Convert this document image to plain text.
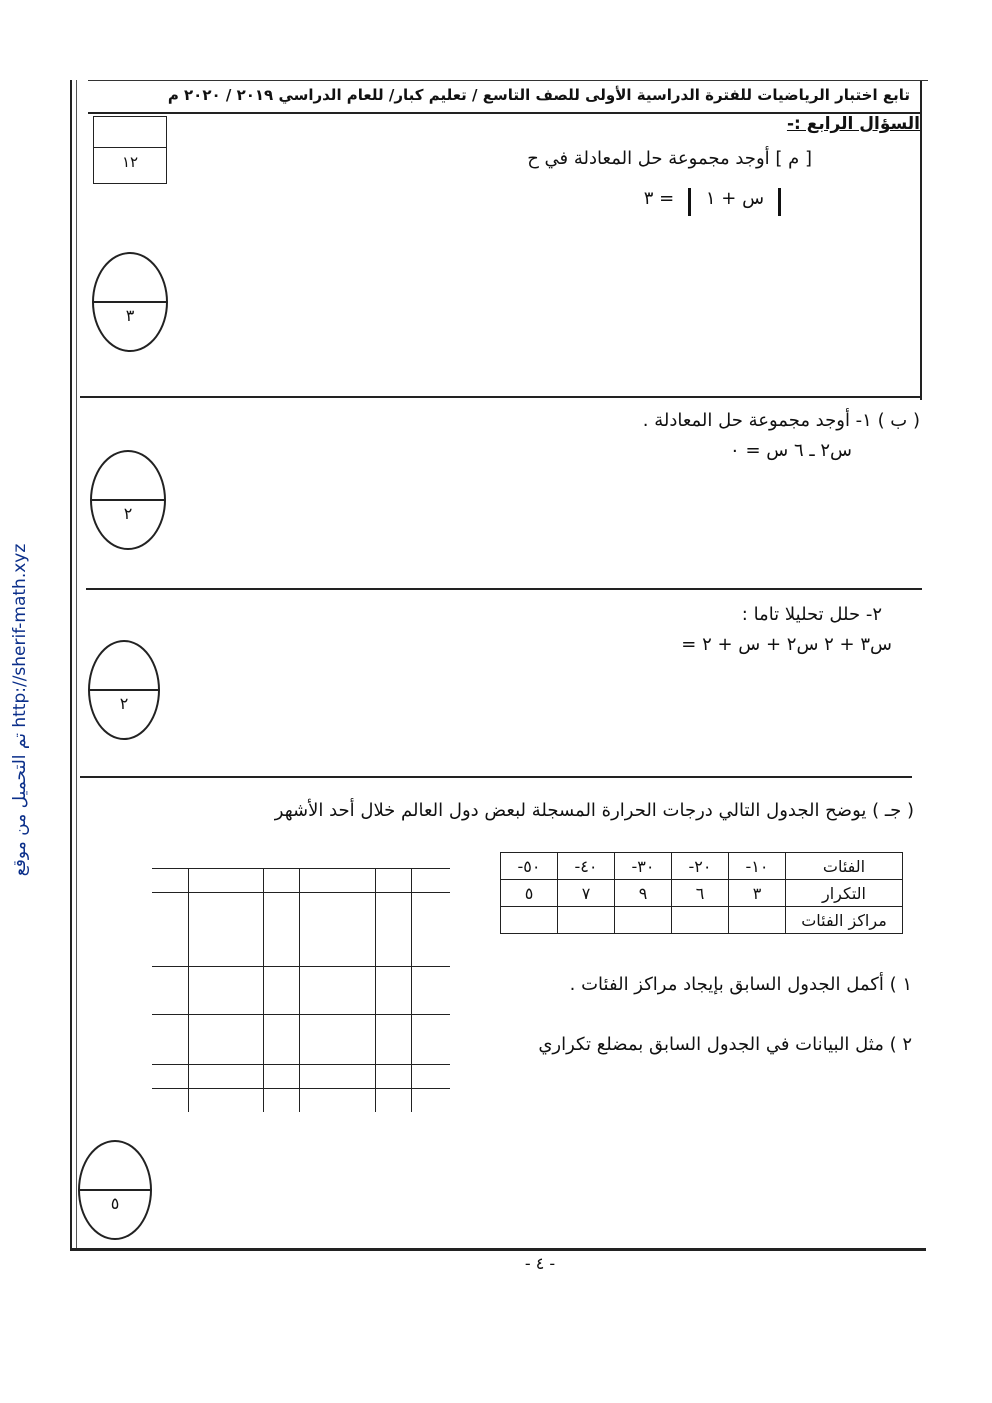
تابع اختبار الرياضيات للفترة الدراسية الأولى للصف التاسع / تعليم كبار/ للعام الدراسي ٢٠١٩ / ٢٠٢٠ م
السؤال الرابع :-
١٢	[ م ] أوجد مجموعة حل المعادلة في ح
س + ١
= ٣
٣
( ب ) ١- أوجد مجموعة حل المعادلة .
س٢ ـ ٦ س = ٠
٢
٢- حلل تحليلا تاما :
س٣ + ٢ س٢ + س + ٢ =
٢
( جـ ) يوضح الجدول التالي درجات الحرارة المسجلة لبعض دول العالم خلال أحد الأشهر
الفئات	١٠-	٢٠-	٣٠-	٤٠-	٥٠-
التكرار	٣	٦	٩	٧	٥
مراكز الفئات					
١ ) أكمل الجدول السابق بإيجاد مراكز الفئات .
٢ ) مثل البيانات في الجدول السابق بمضلع تكراري
٥
تم التحميل من موقع http://sherif-math.xyz
- ٤ -
